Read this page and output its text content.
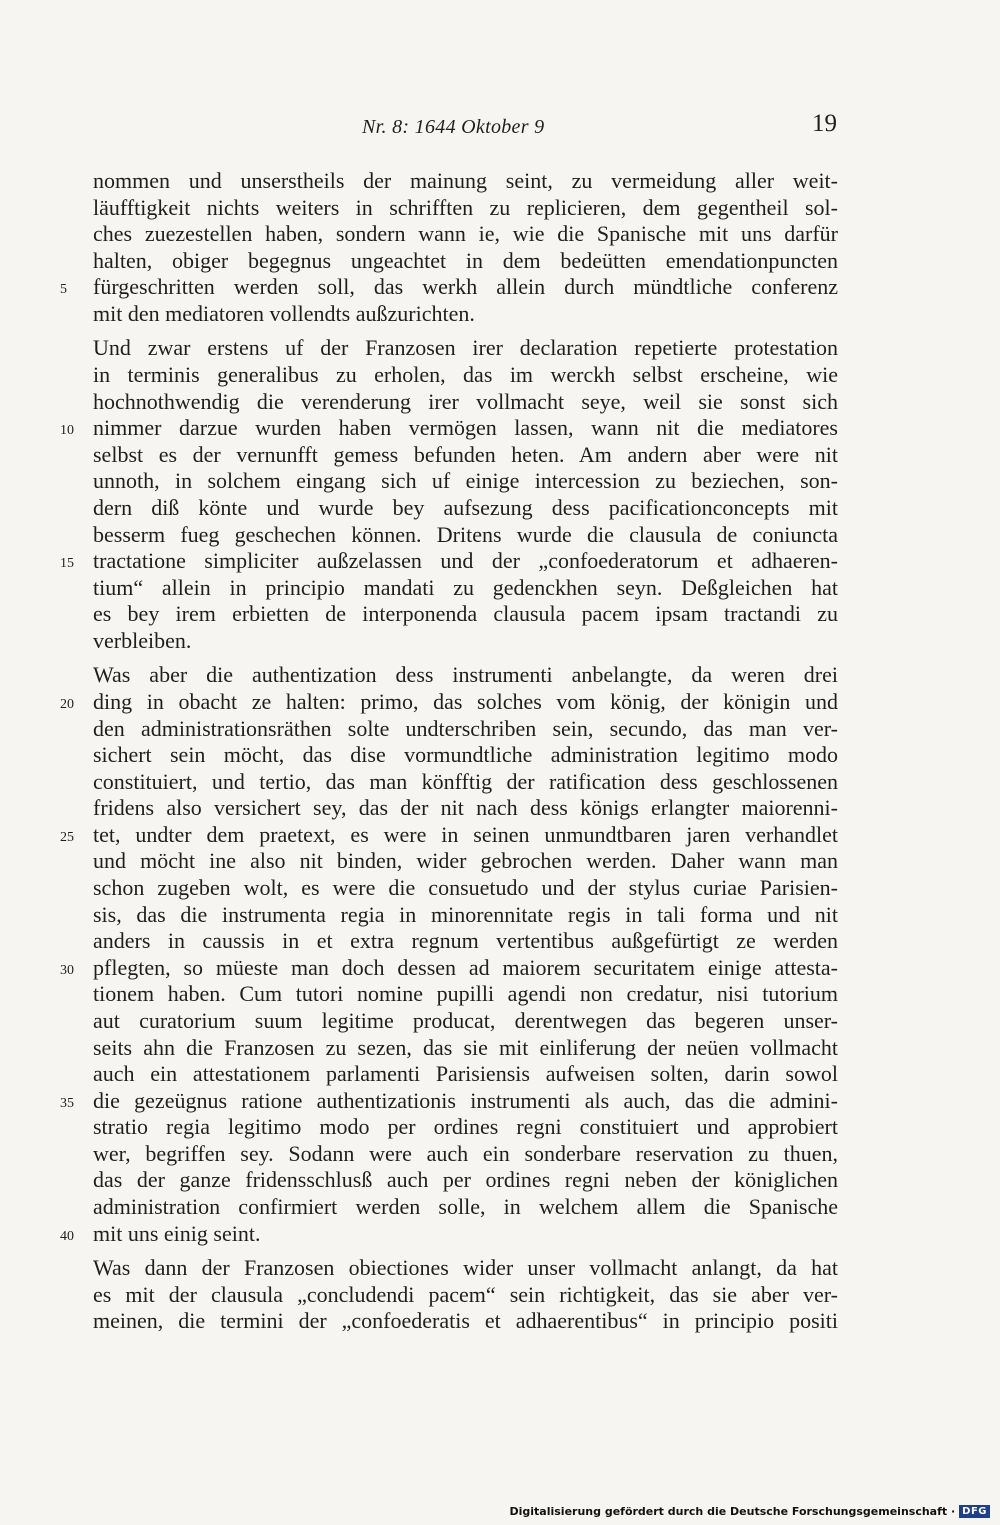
Nr. 8: 1644 Oktober 9	19
nommen und unserstheils der mainung seint, zu vermeidung aller weit-
läufftigkeit nichts weiters in schrifften zu replicieren, dem gegentheil sol-
ches zuezestellen haben, sondern wann ie, wie die Spanische mit uns darfür
halten, obiger begegnus ungeachtet in dem bedeütten emendationpuncten
5 fürgeschritten werden soll, das werkh allein durch mündtliche conferenz
mit den mediatoren vollendts außzurichten.
Und zwar erstens uf der Franzosen irer declaration repetierte protestation
in terminis generalibus zu erholen, das im werckh selbst erscheine, wie
hochnothwendig die verenderung irer vollmacht seye, weil sie sonst sich
10 nimmer darzue wurden haben vermögen lassen, wann nit die mediatores
selbst es der vernunfft gemess befunden heten. Am andern aber were nit
unnoth, in solchem eingang sich uf einige intercession zu beziechen, son-
dern diß könte und wurde bey aufsezung dess pacificationconcepts mit
besserm fueg geschechen können. Dritens wurde die clausula de coniuncta
15 tractatione simpliciter außzelassen und der „confoederatorum et adhaeren-
tium“ allein in principio mandati zu gedenckhen seyn. Deßgleichen hat
es bey irem erbietten de interponenda clausula pacem ipsam tractandi zu
verbleiben.
Was aber die authentization dess instrumenti anbelangte, da weren drei
20 ding in obacht ze halten: primo, das solches vom könig, der königin und
den administrationsräthen solte undterschriben sein, secundo, das man ver-
sichert sein möcht, das dise vormundtliche administration legitimo modo
constituiert, und tertio, das man könfftig der ratification dess geschlossenen
fridens also versichert sey, das der nit nach dess königs erlangter maiorenni-
25 tet, undter dem praetext, es were in seinen unmundtbaren jaren verhandlet
und möcht ine also nit binden, wider gebrochen werden. Daher wann man
schon zugeben wolt, es were die consuetudo und der stylus curiae Parisien-
sis, das die instrumenta regia in minorennitate regis in tali forma und nit
anders in caussis in et extra regnum vertentibus außgefürtigt ze werden
30 pflegten, so müeste man doch dessen ad maiorem securitatem einige attesta-
tionem haben. Cum tutori nomine pupilli agendi non credatur, nisi tutorium
aut curatorium suum legitime producat, derentwegen das begeren unser-
seits ahn die Franzosen zu sezen, das sie mit einliferung der neüen vollmacht
auch ein attestationem parlamenti Parisiensis aufweisen solten, darin sowol
35 die gezeügnus ratione authentizationis instrumenti als auch, das die admini-
stratio regia legitimo modo per ordines regni constituiert und approbiert
wer, begriffen sey. Sodann were auch ein sonderbare reservation zu thuen,
das der ganze fridensschlusß auch per ordines regni neben der königlichen
administration confirmiert werden solle, in welchem allem die Spanische
40 mit uns einig seint.
Was dann der Franzosen obiectiones wider unser vollmacht anlangt, da hat
es mit der clausula „concludendi pacem“ sein richtigkeit, das sie aber ver-
meinen, die termini der „confoederatis et adhaerentibus“ in principio positi
Digitalisierung gefördert durch die Deutsche Forschungsgemeinschaft · DFG
